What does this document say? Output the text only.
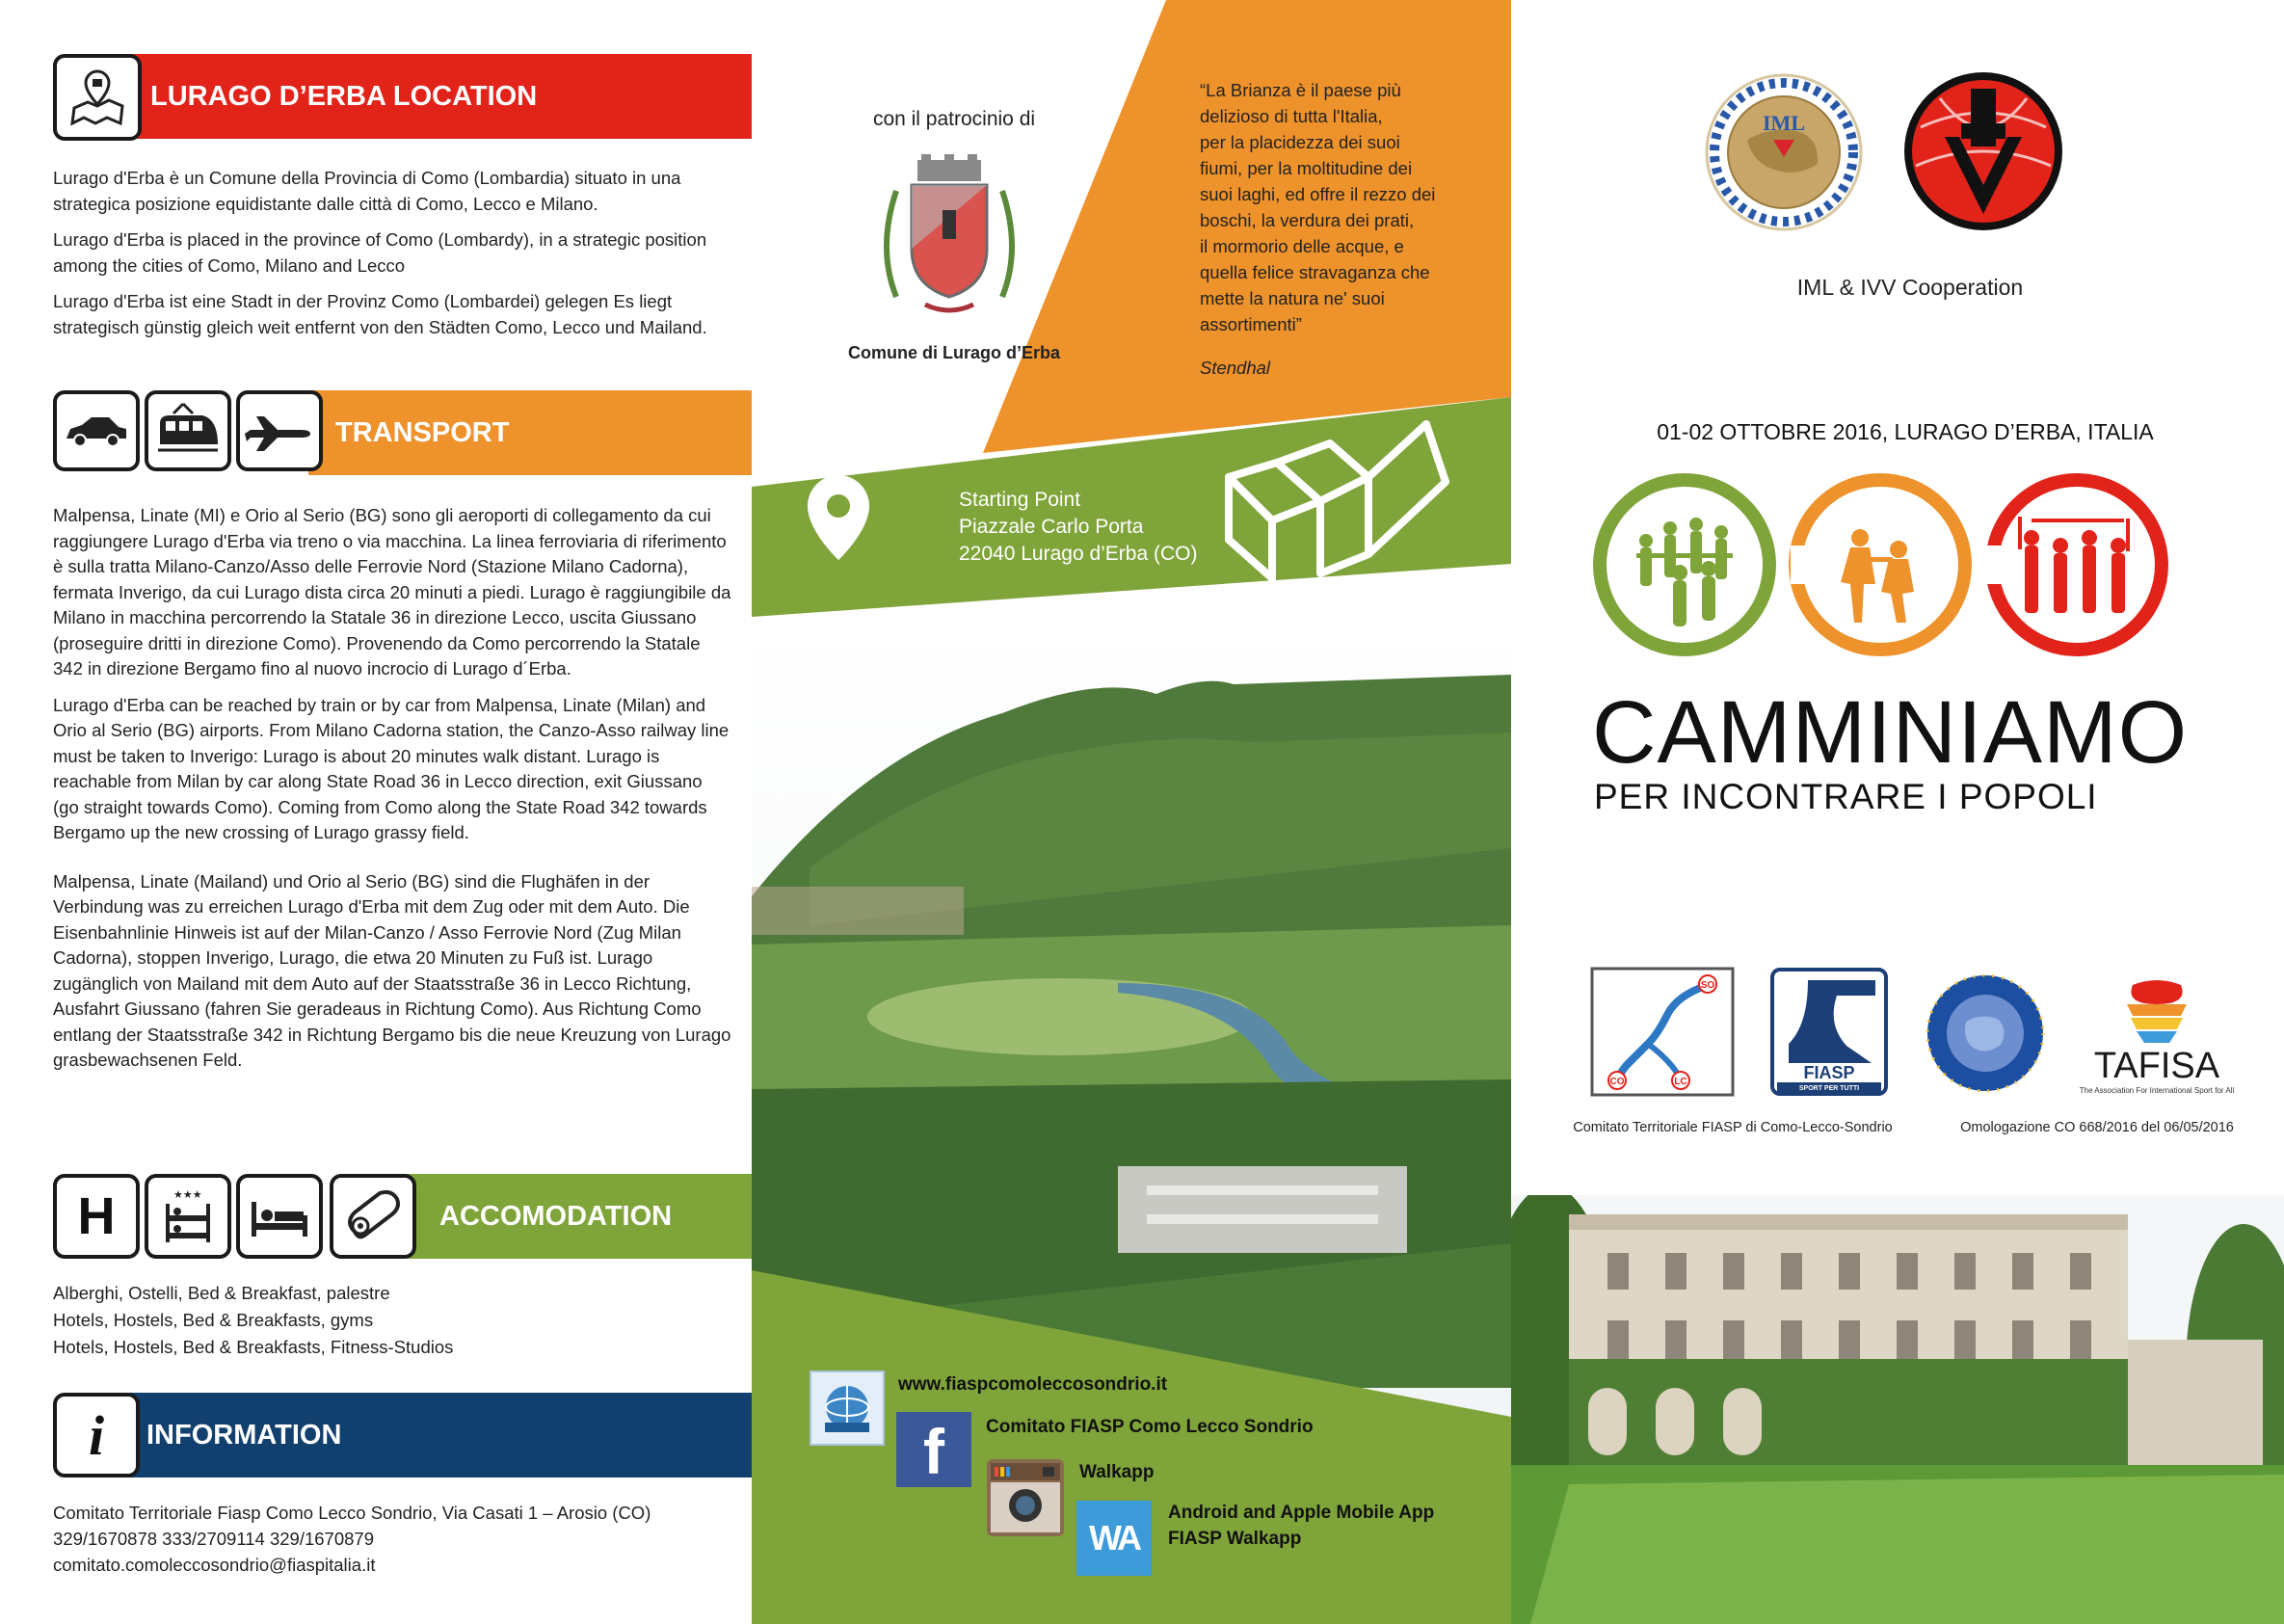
LURAGO D’ERBA LOCATION

Lurago d'Erba è un Comune della Provincia di Como (Lombardia) situato in una strategica posizione equidistante dalle città di Como, Lecco e Milano.

Lurago d'Erba is placed in the province of Como (Lombardy), in a strategic position among the cities of Como, Milano and Lecco

Lurago d'Erba ist eine Stadt in der Provinz Como (Lombardei) gelegen Es liegt strategisch günstig gleich weit entfernt von den Städten Como, Lecco und Mailand.

TRANSPORT

Malpensa, Linate (MI) e Orio al Serio (BG) sono gli aeroporti di collegamento da cui raggiungere Lurago d'Erba via treno o via macchina. La linea ferroviaria di riferimento è sulla tratta Milano-Canzo/Asso delle Ferrovie Nord (Stazione Milano Cadorna), fermata Inverigo, da cui Lurago dista circa 20 minuti a piedi. Lurago è raggiungibile da Milano in macchina percorrendo la Statale 36 in direzione Lecco, uscita Giussano (proseguire dritti in direzione Como). Provenendo da Como percorrendo la Statale 342 in direzione Bergamo fino al nuovo incrocio di Lurago d´Erba.

Lurago d'Erba can be reached by train or by car from Malpensa, Linate (Milan) and Orio al Serio (BG) airports. From Milano Cadorna station, the Canzo-Asso railway line must be taken to Inverigo: Lurago is about 20 minutes walk distant. Lurago is reachable from Milan by car along State Road 36 in Lecco direction, exit Giussano (go straight towards Como). Coming from Como along the State Road 342 towards Bergamo up the new crossing of Lurago grassy field.

Malpensa, Linate (Mailand) und Orio al Serio (BG) sind die Flughäfen in der Verbindung was zu erreichen Lurago d'Erba mit dem Zug oder mit dem Auto. Die Eisenbahnlinie Hinweis ist auf der Milan-Canzo / Asso Ferrovie Nord (Zug Milan Cadorna), stoppen Inverigo, Lurago, die etwa 20 Minuten zu Fuß ist. Lurago zugänglich von Mailand mit dem Auto auf der Staatsstraße 36 in Lecco Richtung, Ausfahrt Giussano (fahren Sie geradeaus in Richtung Como). Aus Richtung Como entlang der Staatsstraße 342 in Richtung Bergamo bis die neue Kreuzung von Lurago grasbewachsenen Feld.

ACCOMODATION
H	★★★
Alberghi, Ostelli, Bed & Breakfast, palestre
Hotels, Hostels, Bed & Breakfasts, gyms
Hotels, Hostels, Bed & Breakfasts, Fitness-Studios
INFORMATION
i
Comitato Territoriale Fiasp Como Lecco Sondrio, Via Casati 1 – Arosio (CO)
329/1670878 333/2709114 329/1670879
comitato.comoleccosondrio@fiaspitalia.it
con il patrocinio di
Comune di Lurago d’Erba
“La Brianza è il paese più
delizioso di tutta l'Italia,
per la placidezza dei suoi
fiumi, per la moltitudine dei
suoi laghi, ed offre il rezzo dei
boschi, la verdura dei prati,
il mormorio delle acque, e
quella felice stravaganza che
mette la natura ne' suoi
assortimenti”
Stendhal
Starting Point
Piazzale Carlo Porta
22040 Lurago d’Erba (CO)
www.fiaspcomoleccosondrio.it
f Comitato FIASP Como Lecco Sondrio
Walkapp
WA
Android and Apple Mobile App
FIASP Walkapp
IML
IML & IVV Cooperation
01-02 OTTOBRE 2016, LURAGO D’ERBA, ITALIA
CAMMINIAMO
PER INCONTRARE I POPOLI
SO
CO	LC	FIASP
SPORT PER TUTTI
TAFISA
The Association For International Sport for All
Comitato Territoriale FIASP di Como-Lecco-Sondrio	Omologazione CO 668/2016 del 06/05/2016
